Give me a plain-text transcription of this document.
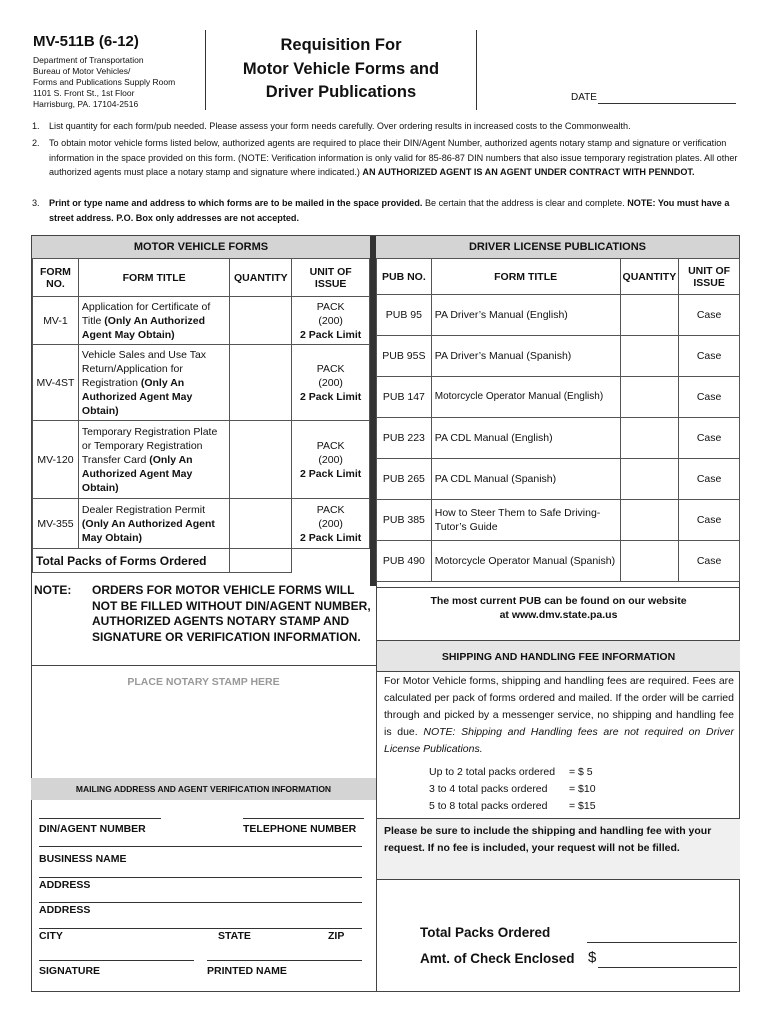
MV-511B (6-12)
Department of Transportation
Bureau of Motor Vehicles/
Forms and Publications Supply Room
1101 S. Front St., 1st Floor
Harrisburg, PA. 17104-2516
Requisition For
Motor Vehicle Forms and
Driver Publications	DATE
1. List quantity for each form/pub needed. Please assess your form needs carefully. Over ordering results in increased costs to the Commonwealth.
2. To obtain motor vehicle forms listed below, authorized agents are required to place their DIN/Agent Number, authorized agents notary stamp and signature or verification information in the space provided on this form. (NOTE: Verification information is only valid for 85-86-87 DIN numbers that also issue temporary registration plates. All other authorized agents must place a notary stamp and signature where indicated.) AN AUTHORIZED AGENT IS AN AGENT UNDER CONTRACT WITH PENNDOT.
3. Print or type name and address to which forms are to be mailed in the space provided. Be certain that the address is clear and complete. NOTE: You must have a street address. P.O. Box only addresses are not accepted.
MOTOR VEHICLE FORMS
FORM NO.	FORM TITLE	QUANTITY	UNIT OF ISSUE
MV-1	Application for Certificate of Title (Only An Authorized Agent May Obtain)		PACK
(200)
2 Pack Limit

MV-4ST	Vehicle Sales and Use Tax Return/Application for Registration (Only An Authorized Agent May Obtain)		PACK
(200)
2 Pack Limit

MV-120	Temporary Registration Plate or Temporary Registration Transfer Card (Only An Authorized Agent May Obtain)		PACK
(200)
2 Pack Limit

MV-355	Dealer Registration Permit (Only An Authorized Agent May Obtain)		PACK
(200)
2 Pack Limit

Total Packs of Forms Ordered			
DRIVER LICENSE PUBLICATIONS
PUB NO.	FORM TITLE	QUANTITY	UNIT OF ISSUE
PUB 95	PA Driver’s Manual (English)		Case
PUB 95S	PA Driver’s Manual (Spanish)		Case
PUB 147	Motorcycle Operator Manual (English)		Case
PUB 223	PA CDL Manual (English)		Case
PUB 265	PA CDL Manual (Spanish)		Case
PUB 385	How to Steer Them to Safe Driving-Tutor’s Guide		Case
PUB 490	Motorcycle Operator Manual (Spanish)		Case
NOTE: ORDERS FOR MOTOR VEHICLE FORMS WILL NOT BE FILLED WITHOUT DIN/AGENT NUMBER, AUTHORIZED AGENTS NOTARY STAMP AND SIGNATURE OR VERIFICATION INFORMATION.
PLACE NOTARY STAMP HERE
MAILING ADDRESS AND AGENT VERIFICATION INFORMATION
DIN/AGENT NUMBER	TELEPHONE NUMBER
BUSINESS NAME
ADDRESS
ADDRESS
CITY	STATE	ZIP
SIGNATURE	PRINTED NAME
The most current PUB can be found on our website
at www.dmv.state.pa.us
SHIPPING AND HANDLING FEE INFORMATION
For Motor Vehicle forms, shipping and handling fees are required. Fees are calculated per pack of forms ordered and mailed. If the order will be carried through and picked by a messenger service, no shipping and handling fee is due. NOTE: Shipping and Handling fees are not required on Driver License Publications.
Up to 2 total packs ordered = $ 5
3 to 4 total packs ordered = $10
5 to 8 total packs ordered = $15
Please be sure to include the shipping and handling fee with your request. If no fee is included, your request will not be filled.
Total Packs Ordered
Amt. of Check Enclosed $
